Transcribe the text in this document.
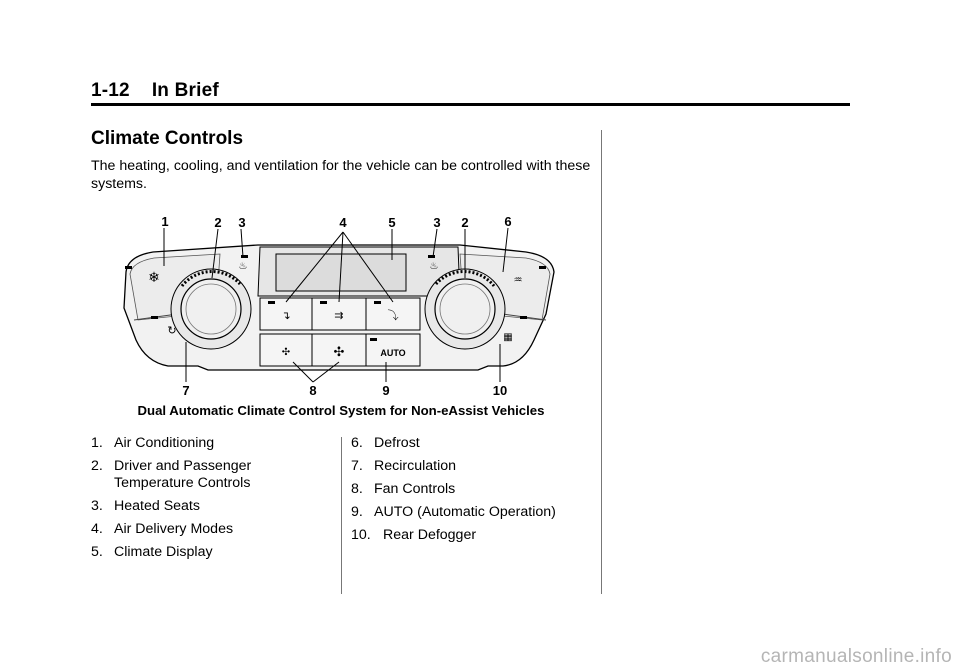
1-12 In Brief
Climate Controls

The heating, cooling, and ventilation for the vehicle can be controlled with these systems.

❄
♨	♨
♒
↻
▦
↴	⇉	⤵
✣	✣	AUTO
1	2 3	4	5	3 2	6
7	8	9	10

Dual Automatic Climate Control System for Non-eAssist Vehicles

1. Air Conditioning
2. Driver and Passenger Temperature Controls
3. Heated Seats
4. Air Delivery Modes
5. Climate Display
6. Defrost
7. Recirculation
8. Fan Controls
9. AUTO (Automatic Operation)
10. Rear Defogger
carmanualsonline.info
